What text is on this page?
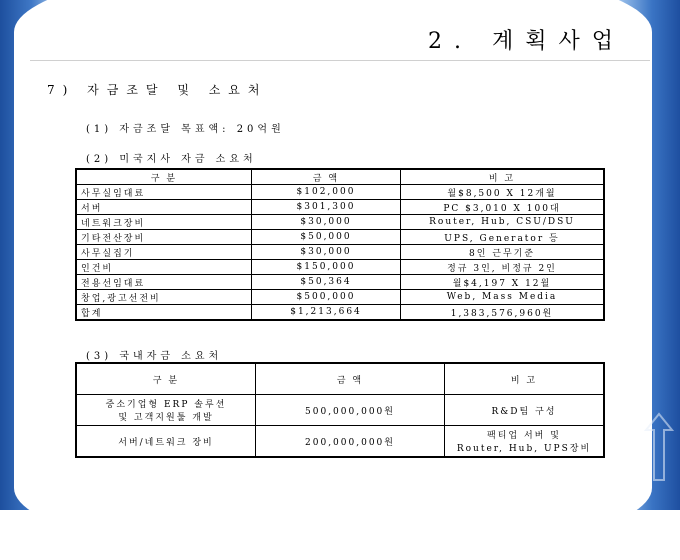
2. 계획사업
7) 자금조달 및 소요처
(1) 자금조달 목표액: 20억원
(2) 미국지사 자금 소요처
구 분	금 액	비 고
사무실임대료	$102,000	월$8,500 X 12개월
서버	$301,300	PC $3,010 X 100대
네트워크장비	$30,000	Router, Hub, CSU/DSU
기타전산장비	$50,000	UPS, Generator 등
사무실집기	$30,000	8인 근무기준
인건비	$150,000	정규 3인, 비정규 2인
전용선임대료	$50,364	월$4,197 X 12월
창업,광고선전비	$500,000	Web, Mass Media
합계	$1,213,664	1,383,576,960원
(3) 국내자금 소요처
구 분	금 액	비 고

중소기업형 ERP 솔루션
및 고객지원툴 개발	500,000,000원	R&D팀 구성

서버/네트워크 장비	200,000,000원	팩티업 서버 및
Router, Hub, UPS장비
